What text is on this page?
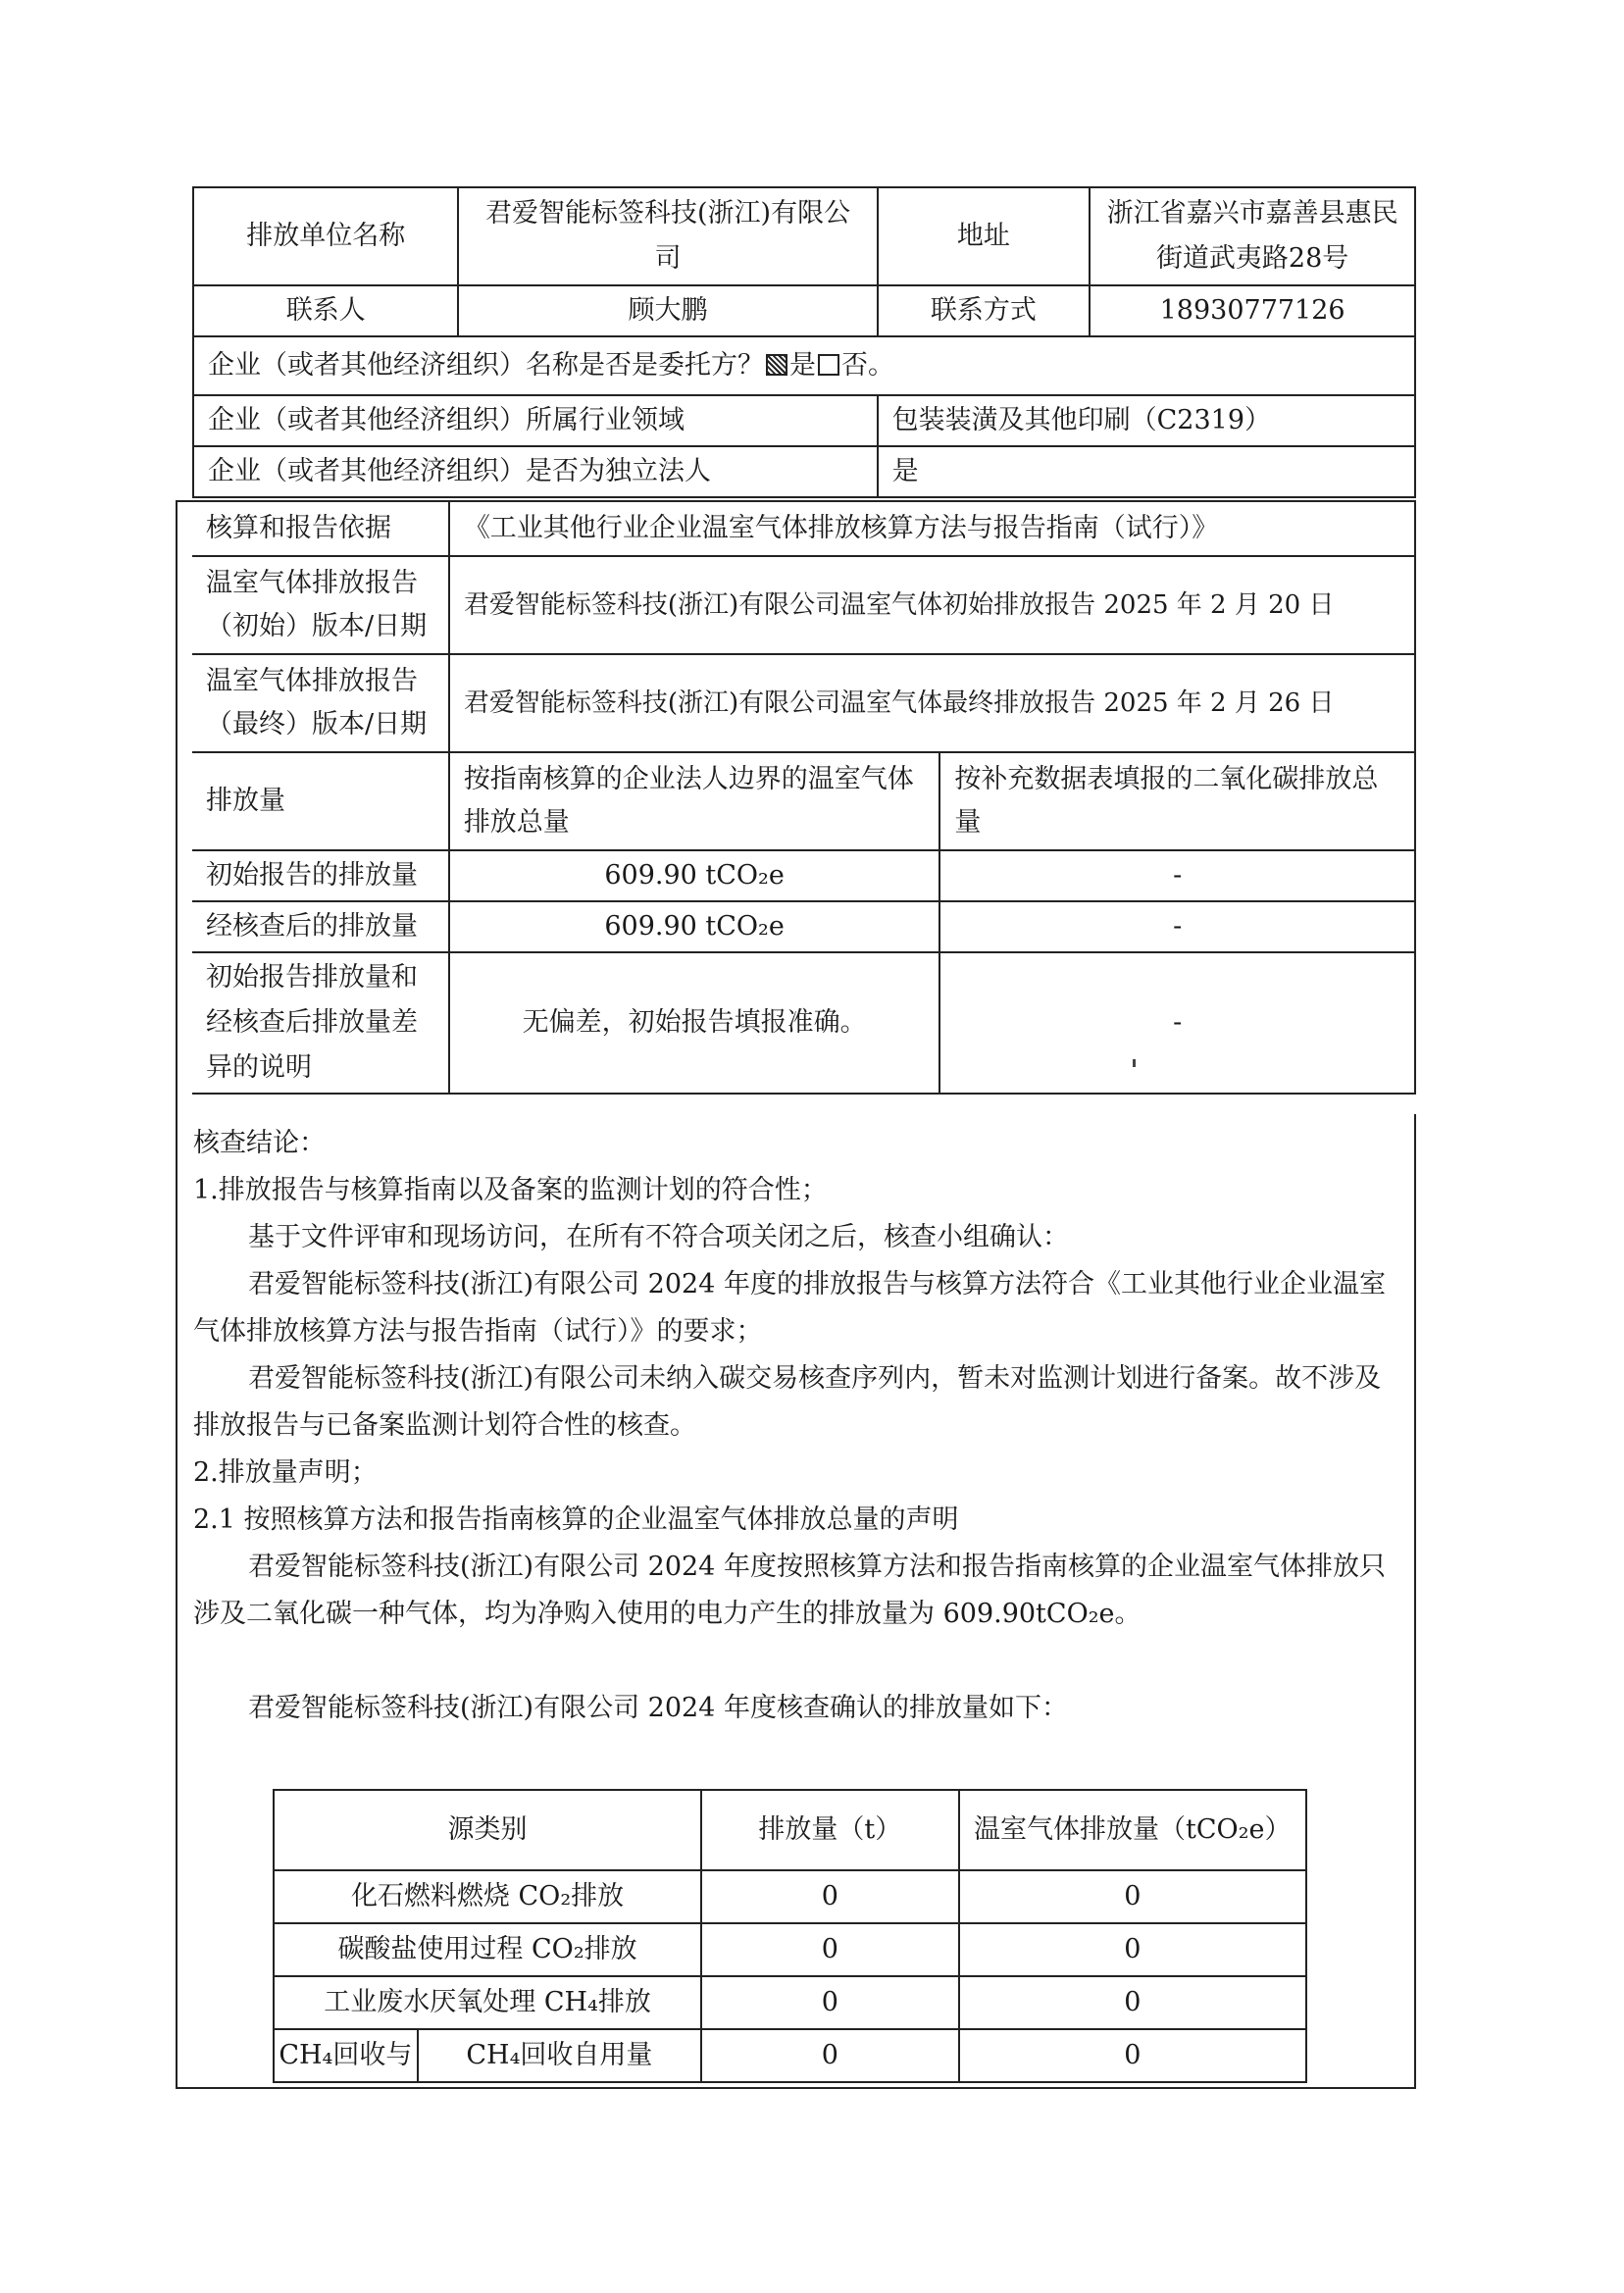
排放单位名称	君爱智能标签科技(浙江)有限公司	地址	浙江省嘉兴市嘉善县惠民街道武夷路28号
联系人	顾大鹏	联系方式	18930777126
企业（或者其他经济组织）名称是否是委托方？ 是 否。			
企业（或者其他经济组织）所属行业领域		包装装潢及其他印刷（C2319）	
企业（或者其他经济组织）是否为独立法人		是	
核算和报告依据	《工业其他行业企业温室气体排放核算方法与报告指南（试行）》	
温室气体排放报告（初始）版本/日期	君爱智能标签科技(浙江)有限公司温室气体初始排放报告 2025 年 2 月 20 日	
温室气体排放报告（最终）版本/日期	君爱智能标签科技(浙江)有限公司温室气体最终排放报告 2025 年 2 月 26 日	
排放量	按指南核算的企业法人边界的温室气体排放总量	按补充数据表填报的二氧化碳排放总量
初始报告的排放量	609.90 tCO₂e	-
经核查后的排放量	609.90 tCO₂e	-
初始报告排放量和经核查后排放量差异的说明	无偏差，初始报告填报准确。	-

核查结论：

1.排放报告与核算指南以及备案的监测计划的符合性；

基于文件评审和现场访问，在所有不符合项关闭之后，核查小组确认：

君爱智能标签科技(浙江)有限公司 2024 年度的排放报告与核算方法符合《工业其他行业企业温室气体排放核算方法与报告指南（试行）》的要求；

君爱智能标签科技(浙江)有限公司未纳入碳交易核查序列内，暂未对监测计划进行备案。故不涉及排放报告与已备案监测计划符合性的核查。

2.排放量声明；

2.1 按照核算方法和报告指南核算的企业温室气体排放总量的声明

君爱智能标签科技(浙江)有限公司 2024 年度按照核算方法和报告指南核算的企业温室气体排放只涉及二氧化碳一种气体，均为净购入使用的电力产生的排放量为 609.90tCO₂e。

君爱智能标签科技(浙江)有限公司 2024 年度核查确认的排放量如下：

源类别		排放量（t）	温室气体排放量（tCO₂e）
化石燃料燃烧 CO₂排放		0	0
碳酸盐使用过程 CO₂排放		0	0
工业废水厌氧处理 CH₄排放		0	0
CH₄回收与	CH₄回收自用量	0	0
